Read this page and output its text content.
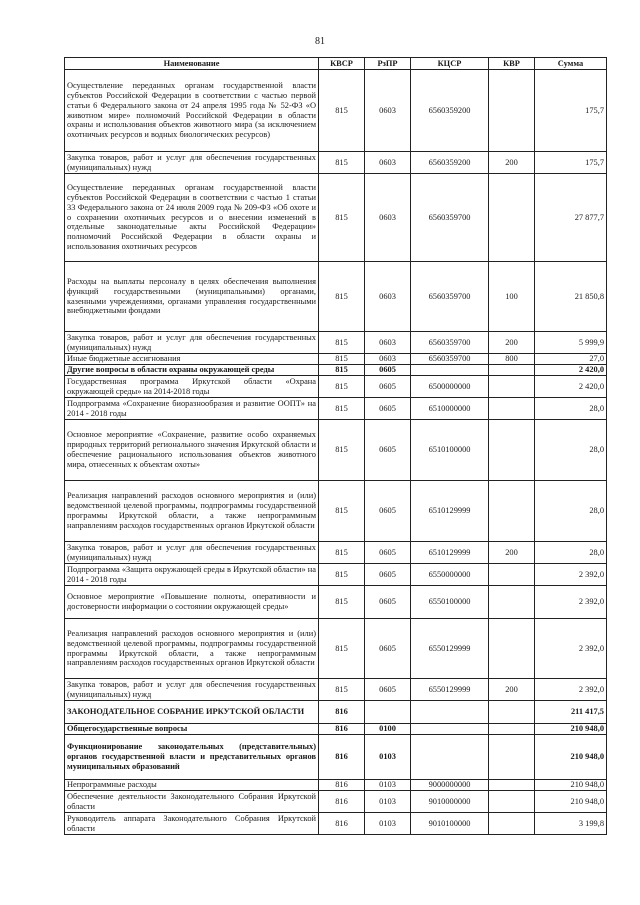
81
Наименование	КВСР	РзПР	КЦСР	КВР	Сумма
Осуществление переданных органам государственной власти субъектов Российской Федерации в соответствии с частью первой статьи 6 Федерального закона от 24 апреля 1995 года № 52-ФЗ «О животном мире» полномочий Российской Федерации в области охраны и использования объектов животного мира (за исключением охотничьих ресурсов и водных биологических ресурсов)	815	0603	6560359200		175,7
Закупка товаров, работ и услуг для обеспечения государственных (муниципальных) нужд	815	0603	6560359200	200	175,7
Осуществление переданных органам государственной власти субъектов Российской Федерации в соответствии с частью 1 статьи 33 Федерального закона от 24 июля 2009 года № 209-ФЗ «Об охоте и о сохранении охотничьих ресурсов и о внесении изменений в отдельные законодательные акты Российской Федерации» полномочий Российской Федерации в области охраны и использования охотничьих ресурсов	815	0603	6560359700		27 877,7
Расходы на выплаты персоналу в целях обеспечения выполнения функций государственными (муниципальными) органами, казенными учреждениями, органами управления государственными внебюджетными фондами	815	0603	6560359700	100	21 850,8
Закупка товаров, работ и услуг для обеспечения государственных (муниципальных) нужд	815	0603	6560359700	200	5 999,9
Иные бюджетные ассигнования	815	0603	6560359700	800	27,0
Другие вопросы в области охраны окружающей среды	815	0605			2 420,0
Государственная программа Иркутской области «Охрана окружающей среды» на 2014-2018 годы	815	0605	6500000000		2 420,0
Подпрограмма «Сохранение биоразнообразия и развитие ООПТ» на 2014 - 2018 годы	815	0605	6510000000		28,0
Основное мероприятие «Сохранение, развитие особо охраняемых природных территорий регионального значения Иркутской области и обеспечение рационального использования объектов животного мира, отнесенных к объектам охоты»	815	0605	6510100000		28,0
Реализация направлений расходов основного мероприятия и (или) ведомственной целевой программы, подпрограммы государственной программы Иркутской области, а также непрограммным направлениям расходов государственных органов Иркутской области	815	0605	6510129999		28,0
Закупка товаров, работ и услуг для обеспечения государственных (муниципальных) нужд	815	0605	6510129999	200	28,0
Подпрограмма «Защита окружающей среды в Иркутской области» на 2014 - 2018 годы	815	0605	6550000000		2 392,0
Основное мероприятие «Повышение полноты, оперативности и достоверности информации о состоянии окружающей среды»	815	0605	6550100000		2 392,0
Реализация направлений расходов основного мероприятия и (или) ведомственной целевой программы, подпрограммы государственной программы Иркутской области, а также непрограммным направлениям расходов государственных органов Иркутской области	815	0605	6550129999		2 392,0
Закупка товаров, работ и услуг для обеспечения государственных (муниципальных) нужд	815	0605	6550129999	200	2 392,0
ЗАКОНОДАТЕЛЬНОЕ СОБРАНИЕ ИРКУТСКОЙ ОБЛАСТИ	816				211 417,5
Общегосударственные вопросы	816	0100			210 948,0
Функционирование законодательных (представительных) органов государственной власти и представительных органов муниципальных образований	816	0103			210 948,0
Непрограммные расходы	816	0103	9000000000		210 948,0
Обеспечение деятельности Законодательного Собрания Иркутской области	816	0103	9010000000		210 948,0
Руководитель аппарата Законодательного Собрания Иркутской области	816	0103	9010100000		3 199,8
